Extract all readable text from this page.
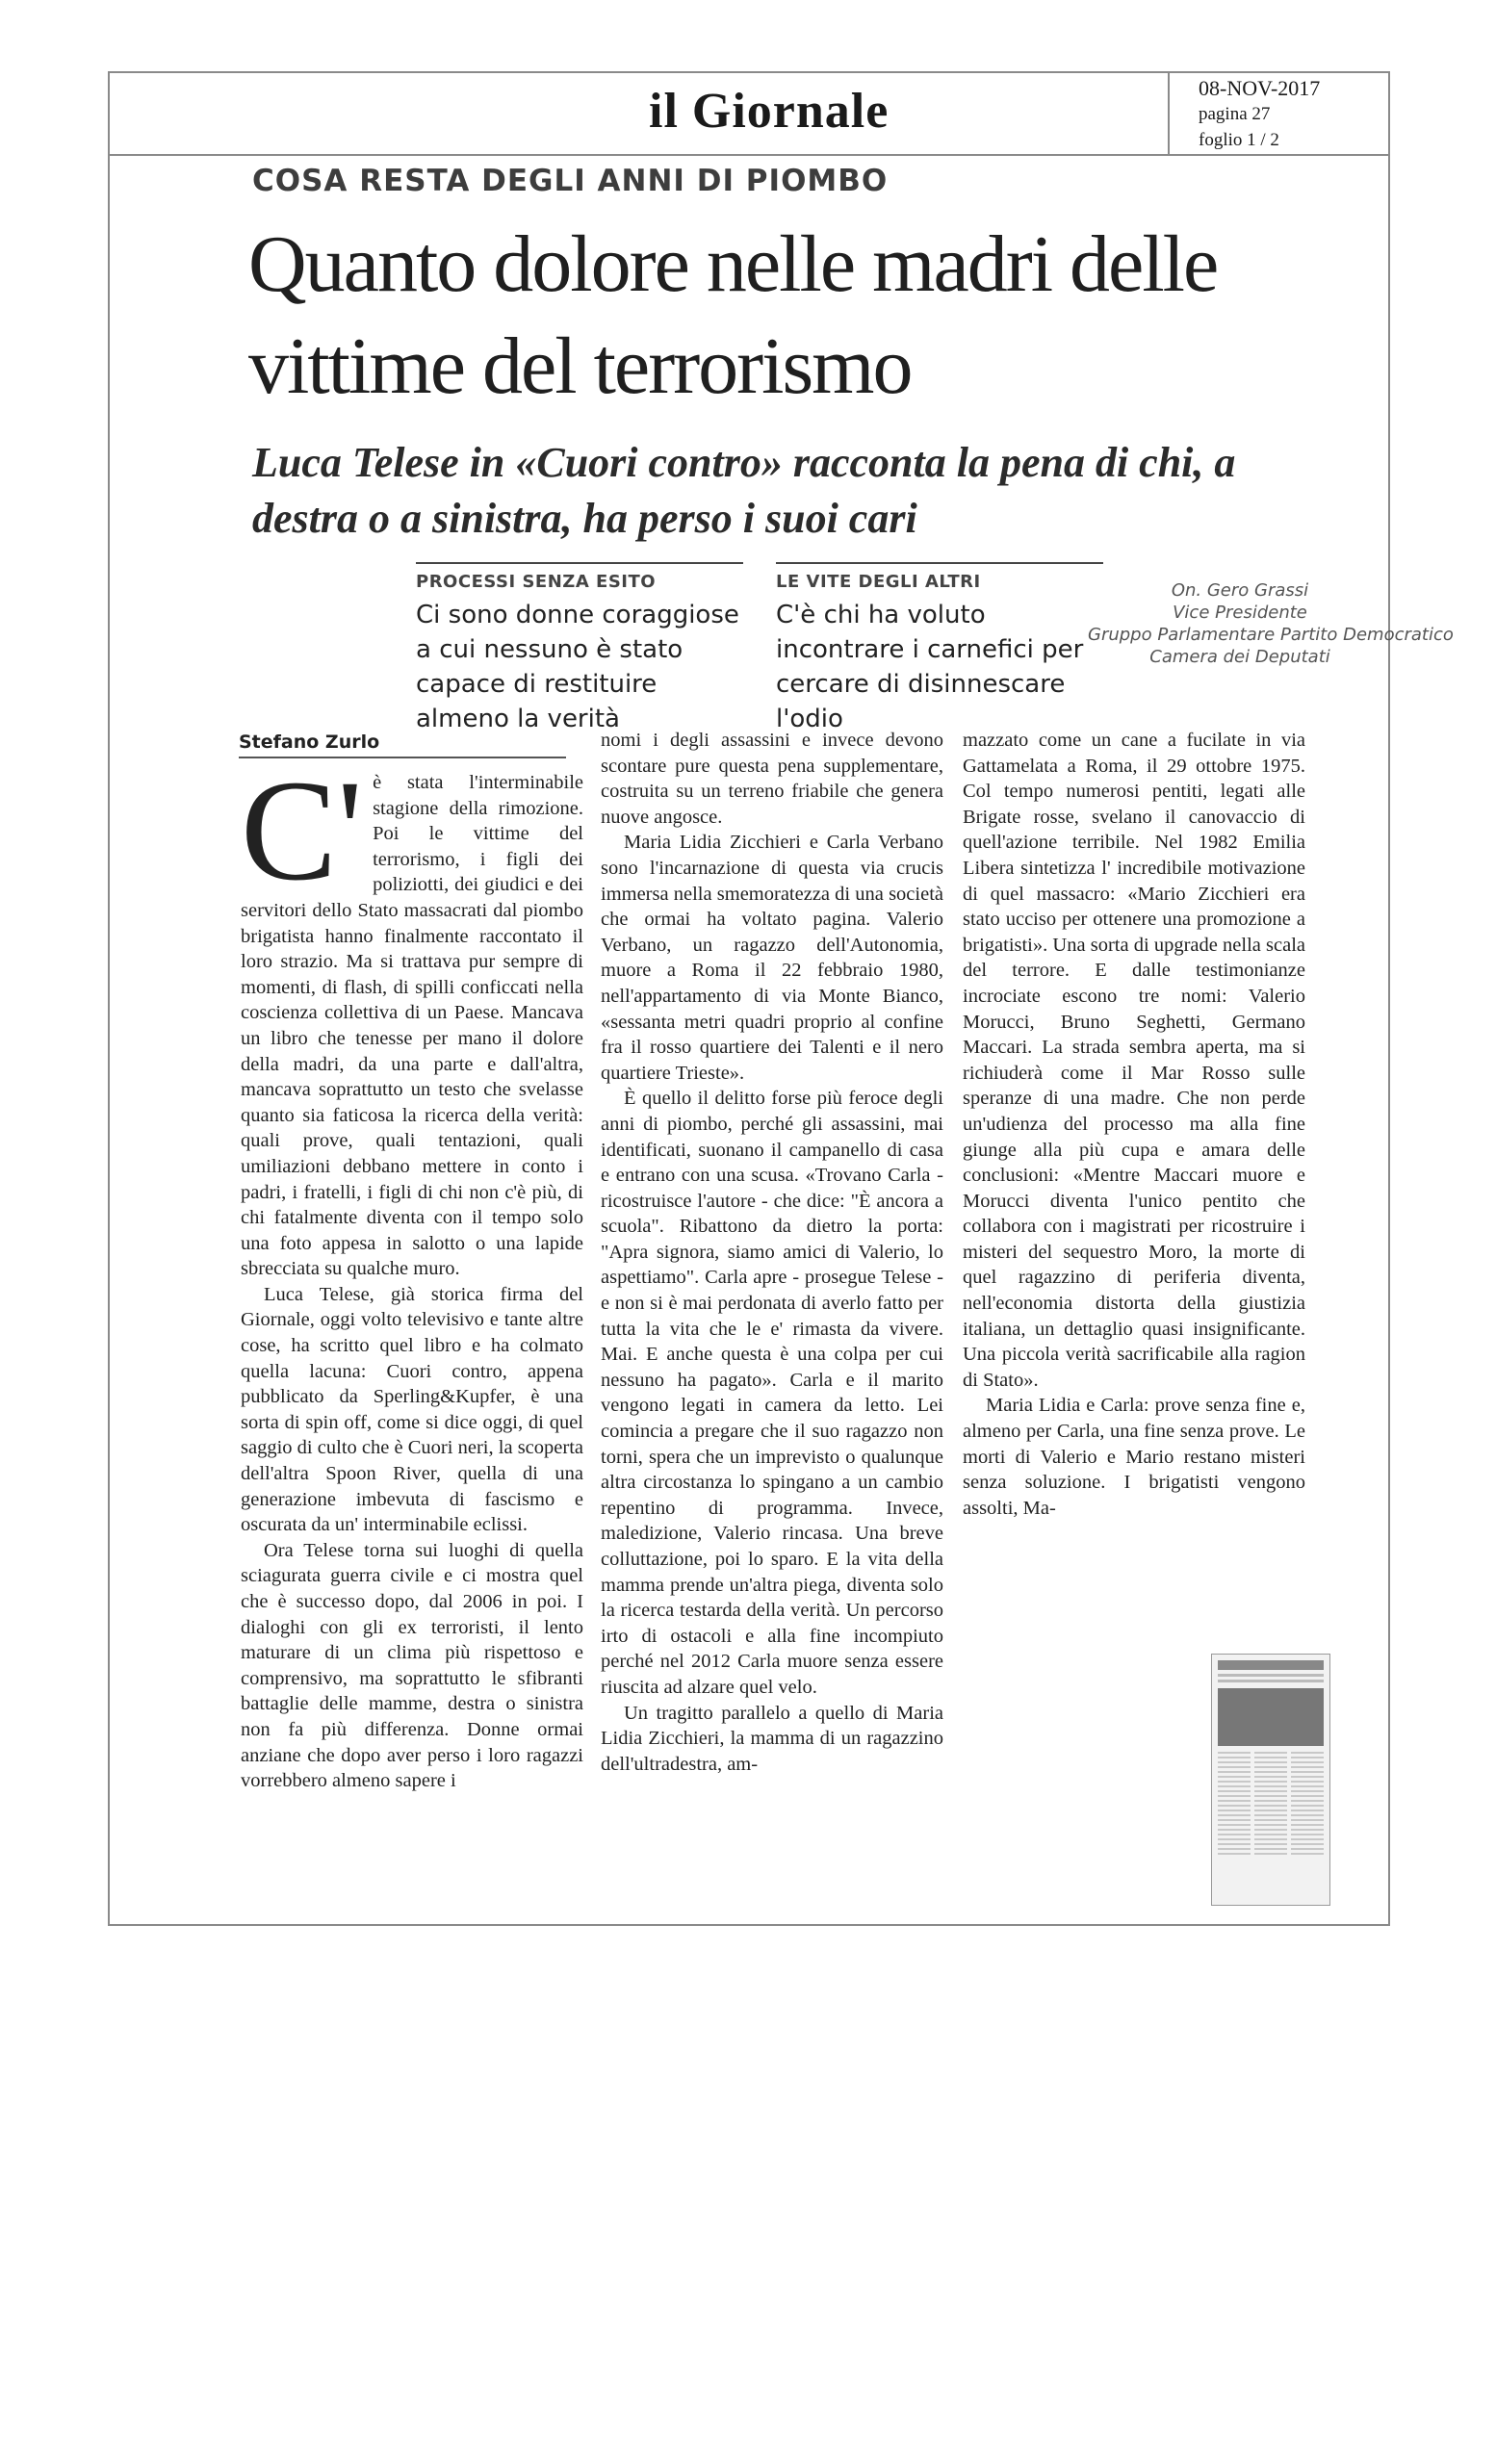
il Giornale	08-NOV-2017
pagina 27
foglio 1 / 2
COSA RESTA DEGLI ANNI DI PIOMBO
Quanto dolore nelle madri delle vittime del terrorismo
Luca Telese in «Cuori contro» racconta la pena di chi, a destra o a sinistra, ha perso i suoi cari
PROCESSI SENZA ESITO
Ci sono donne coraggiose a cui nessuno è stato capace di restituire almeno la verità
LE VITE DEGLI ALTRI
C'è chi ha voluto incontrare i carnefici per cercare di disinnescare l'odio
On. Gero Grassi
Vice Presidente
Gruppo Parlamentare Partito Democratico
Camera dei Deputati
Stefano Zurlo

C' è stata l'interminabile stagione della rimozione. Poi le vittime del terrorismo, i figli dei poliziotti, dei giudici e dei servitori dello Stato massacrati dal piombo brigatista hanno finalmente raccontato il loro strazio. Ma si trattava pur sempre di momenti, di flash, di spilli conficcati nella coscienza collettiva di un Paese. Mancava un libro che tenesse per mano il dolore della madri, da una parte e dall'altra, mancava soprattutto un testo che svelasse quanto sia faticosa la ricerca della verità: quali prove, quali tentazioni, quali umiliazioni debbano mettere in conto i padri, i fratelli, i figli di chi non c'è più, di chi fatalmente diventa con il tempo solo una foto appesa in salotto o una lapide sbrecciata su qualche muro.

Luca Telese, già storica firma del Giornale, oggi volto televisivo e tante altre cose, ha scritto quel libro e ha colmato quella lacuna: Cuori contro, appena pubblicato da Sperling&Kupfer, è una sorta di spin off, come si dice oggi, di quel saggio di culto che è Cuori neri, la scoperta dell'altra Spoon River, quella di una generazione imbevuta di fascismo e oscurata da un' interminabile eclissi.

Ora Telese torna sui luoghi di quella sciagurata guerra civile e ci mostra quel che è successo dopo, dal 2006 in poi. I dialoghi con gli ex terroristi, il lento maturare di un clima più rispettoso e comprensivo, ma soprattutto le sfibranti battaglie delle mamme, destra o sinistra non fa più differenza. Donne ormai anziane che dopo aver perso i loro ragazzi vorrebbero almeno sapere i

nomi i degli assassini e invece devono scontare pure questa pena supplementare, costruita su un terreno friabile che genera nuove angosce.

Maria Lidia Zicchieri e Carla Verbano sono l'incarnazione di questa via crucis immersa nella smemoratezza di una società che ormai ha voltato pagina. Valerio Verbano, un ragazzo dell'Autonomia, muore a Roma il 22 febbraio 1980, nell'appartamento di via Monte Bianco, «sessanta metri quadri proprio al confine fra il rosso quartiere dei Talenti e il nero quartiere Trieste».

È quello il delitto forse più feroce degli anni di piombo, perché gli assassini, mai identificati, suonano il campanello di casa e entrano con una scusa. «Trovano Carla - ricostruisce l'autore - che dice: "È ancora a scuola". Ribattono da dietro la porta: "Apra signora, siamo amici di Valerio, lo aspettiamo". Carla apre - prosegue Telese - e non si è mai perdonata di averlo fatto per tutta la vita che le e' rimasta da vivere. Mai. E anche questa è una colpa per cui nessuno ha pagato». Carla e il marito vengono legati in camera da letto. Lei comincia a pregare che il suo ragazzo non torni, spera che un imprevisto o qualunque altra circostanza lo spingano a un cambio repentino di programma. Invece, maledizione, Valerio rincasa. Una breve colluttazione, poi lo sparo. E la vita della mamma prende un'altra piega, diventa solo la ricerca testarda della verità. Un percorso irto di ostacoli e alla fine incompiuto perché nel 2012 Carla muore senza essere riuscita ad alzare quel velo.

Un tragitto parallelo a quello di Maria Lidia Zicchieri, la mamma di un ragazzino dell'ultradestra, am-

mazzato come un cane a fucilate in via Gattamelata a Roma, il 29 ottobre 1975. Col tempo numerosi pentiti, legati alle Brigate rosse, svelano il canovaccio di quell'azione terribile. Nel 1982 Emilia Libera sintetizza l' incredibile motivazione di quel massacro: «Mario Zicchieri era stato ucciso per ottenere una promozione a brigatisti». Una sorta di upgrade nella scala del terrore. E dalle testimonianze incrociate escono tre nomi: Valerio Morucci, Bruno Seghetti, Germano Maccari. La strada sembra aperta, ma si richiuderà come il Mar Rosso sulle speranze di una madre. Che non perde un'udienza del processo ma alla fine giunge alla più cupa e amara delle conclusioni: «Mentre Maccari muore e Morucci diventa l'unico pentito che collabora con i magistrati per ricostruire i misteri del sequestro Moro, la morte di quel ragazzino di periferia diventa, nell'economia distorta della giustizia italiana, un dettaglio quasi insignificante. Una piccola verità sacrificabile alla ragion di Stato».

Maria Lidia e Carla: prove senza fine e, almeno per Carla, una fine senza prove. Le morti di Valerio e Mario restano misteri senza soluzione. I brigatisti vengono assolti, Ma-
